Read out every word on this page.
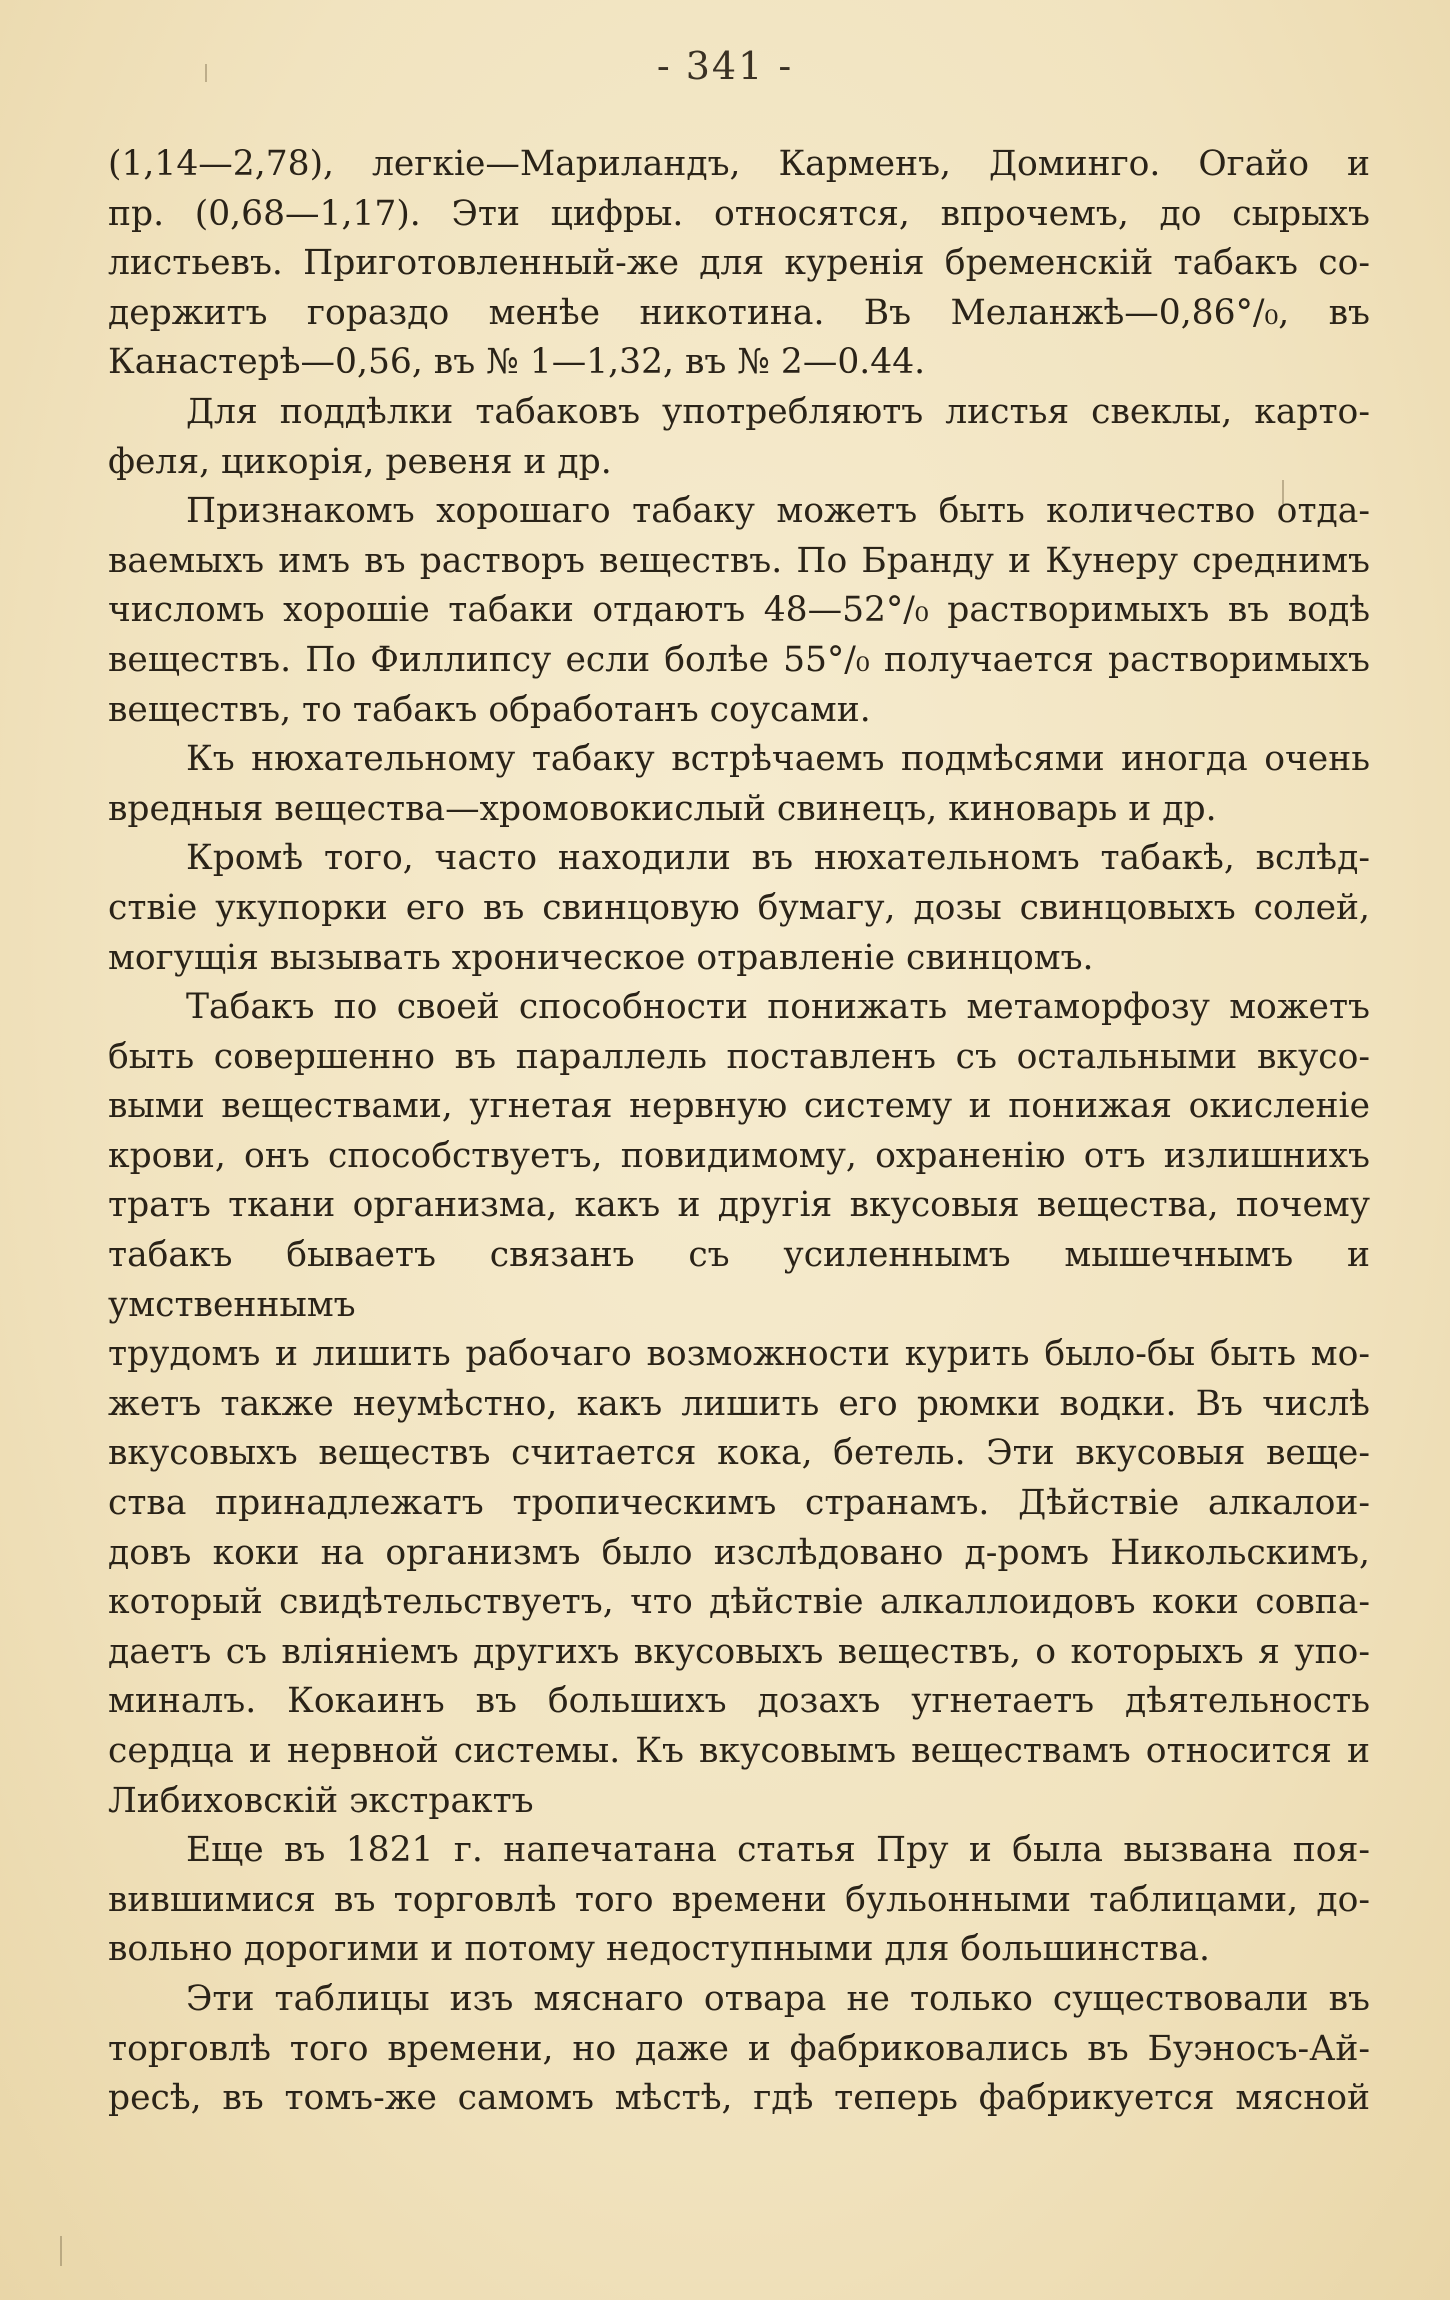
- 341 -

(1,14—2,78), легкіе—Мариландъ, Карменъ, Доминго. Огайо и

пр. (0,68—1,17). Эти цифры. относятся, впрочемъ, до сырыхъ

листьевъ. Приготовленный-же для куренія бременскій табакъ со-

держитъ гораздо менѣе никотина. Въ Меланжѣ—0,86°/₀, въ

Канастерѣ—0,56, въ № 1—1,32, въ № 2—0.44.

Для поддѣлки табаковъ употребляютъ листья свеклы, карто-

феля, цикорія, ревеня и др.

Признакомъ хорошаго табаку можетъ быть количество отда-

ваемыхъ имъ въ растворъ веществъ. По Бранду и Кунеру среднимъ

числомъ хорошіе табаки отдаютъ 48—52°/₀ растворимыхъ въ водѣ

веществъ. По Филлипсу если болѣе 55°/₀ получается растворимыхъ

веществъ, то табакъ обработанъ соусами.

Къ нюхательному табаку встрѣчаемъ подмѣсями иногда очень

вредныя вещества—хромовокислый свинецъ, киноварь и др.

Кромѣ того, часто находили въ нюхательномъ табакѣ, вслѣд-

ствіе укупорки его въ свинцовую бумагу, дозы свинцовыхъ солей,

могущія вызывать хроническое отравленіе свинцомъ.

Табакъ по своей способности понижать метаморфозу можетъ

быть совершенно въ параллель поставленъ съ остальными вкусо-

выми веществами, угнетая нервную систему и понижая окисленіе

крови, онъ способствуетъ, повидимому, охраненію отъ излишнихъ

тратъ ткани организма, какъ и другія вкусовыя вещества, почему

табакъ бываетъ связанъ съ усиленнымъ мышечнымъ и умственнымъ

трудомъ и лишить рабочаго возможности курить было-бы быть мо-

жетъ также неумѣстно, какъ лишить его рюмки водки. Въ числѣ

вкусовыхъ веществъ считается кока, бетель. Эти вкусовыя веще-

ства принадлежатъ тропическимъ странамъ. Дѣйствіе алкалои-

довъ коки на организмъ было изслѣдовано д-ромъ Никольскимъ,

который свидѣтельствуетъ, что дѣйствіе алкаллоидовъ коки совпа-

даетъ съ вліяніемъ другихъ вкусовыхъ веществъ, о которыхъ я упо-

миналъ. Кокаинъ въ большихъ дозахъ угнетаетъ дѣятельность

сердца и нервной системы. Къ вкусовымъ веществамъ относится и

Либиховскій экстрактъ

Еще въ 1821 г. напечатана статья Пру и была вызвана поя-

вившимися въ торговлѣ того времени бульонными таблицами, до-

вольно дорогими и потому недоступными для большинства.

Эти таблицы изъ мяснаго отвара не только существовали въ

торговлѣ того времени, но даже и фабриковались въ Буэносъ-Ай-

ресѣ, въ томъ-же самомъ мѣстѣ, гдѣ теперь фабрикуется мясной
